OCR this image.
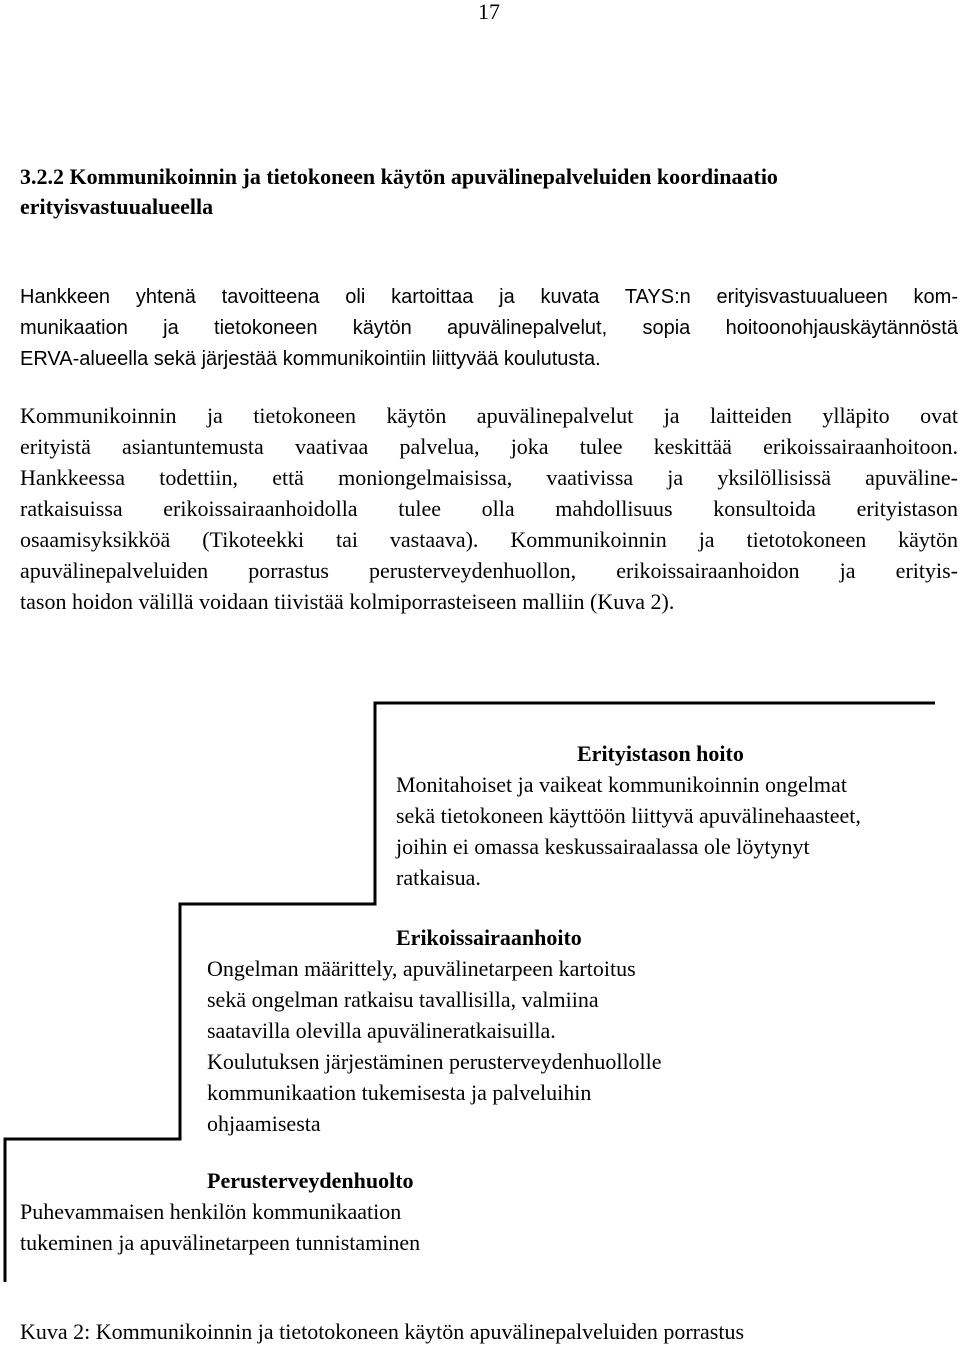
17
3.2.2 Kommunikoinnin ja tietokoneen käytön apuvälinepalveluiden koordinaatio erityisvastuualueella
Hankkeen yhtenä tavoitteena oli kartoittaa ja kuvata TAYS:n erityisvastuualueen kom-
munikaation ja tietokoneen käytön apuvälinepalvelut, sopia hoitoonohjauskäytännöstä
ERVA-alueella sekä järjestää kommunikointiin liittyvää koulutusta.
Kommunikoinnin ja tietokoneen käytön apuvälinepalvelut ja laitteiden ylläpito ovat
erityistä asiantuntemusta vaativaa palvelua, joka tulee keskittää erikoissairaanhoitoon.
Hankkeessa todettiin, että moniongelmaisissa, vaativissa ja yksilöllisissä apuväline-
ratkaisuissa erikoissairaanhoidolla tulee olla mahdollisuus konsultoida erityistason
osaamisyksikköä (Tikoteekki tai vastaava). Kommunikoinnin ja tietotokoneen käytön
apuvälinepalveluiden porrastus perusterveydenhuollon, erikoissairaanhoidon ja erityis-
tason hoidon välillä voidaan tiivistää kolmiporrasteiseen malliin (Kuva 2).
Erityistason hoito
Monitahoiset ja vaikeat kommunikoinnin ongelmat
sekä tietokoneen käyttöön liittyvä apuvälinehaasteet,
joihin ei omassa keskussairaalassa ole löytynyt
ratkaisua.
Erikoissairaanhoito
Ongelman määrittely, apuvälinetarpeen kartoitus
sekä ongelman ratkaisu tavallisilla, valmiina
saatavilla olevilla apuvälineratkaisuilla.
Koulutuksen järjestäminen perusterveydenhuollolle
kommunikaation tukemisesta ja palveluihin
ohjaamisesta
Perusterveydenhuolto
Puhevammaisen henkilön kommunikaation
tukeminen ja apuvälinetarpeen tunnistaminen
Kuva 2: Kommunikoinnin ja tietotokoneen käytön apuvälinepalveluiden porrastus
